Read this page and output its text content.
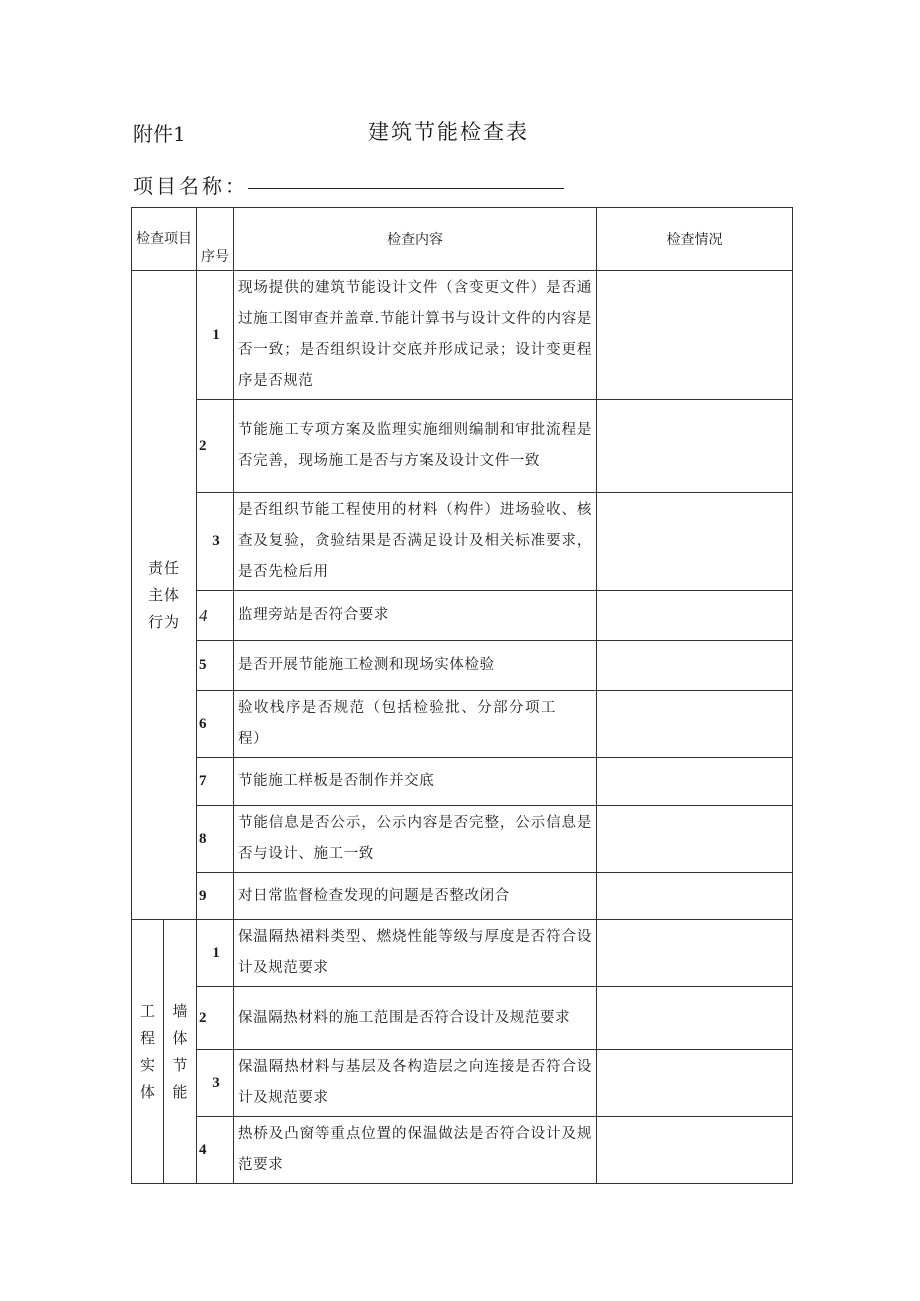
附件1	建筑节能检查表
项目名称：
检查项目		序号	检查内容	检查情况
责任主体行为		1	现场提供的建筑节能设计文件（含变更文件）是否通过施工图审查并盖章.节能计算书与设计文件的内容是否一致；是否组织设计交底并形成记录；设计变更程序是否规范	
		2	节能施工专项方案及监理实施细则编制和审批流程是否完善，现场施工是否与方案及设计文件一致	
		3	是否组织节能工程使用的材料（构件）进场验收、核查及复验，贪验结果是否满足设计及相关标准要求，是否先检后用	
		4	监理旁站是否符合要求	
		5	是否开展节能施工检测和现场实体检验	
		6	验收栈序是否规范（包括检验批、分部分项工程）	
		7	节能施工样板是否制作并交底	
		8	节能信息是否公示，公示内容是否完整，公示信息是否与设计、施工一致	
		9	对日常监督检查发现的问题是否整改闭合	
工程实体	墙体节能	1	保温隔热裙料类型、燃烧性能等级与厚度是否符合设计及规范要求	
		2	保温隔热材料的施工范围是否符合设计及规范要求	
		3	保温隔热材料与基层及各构造层之向连接是否符合设计及规范要求	
		4	热桥及凸窗等重点位置的保温做法是否符合设计及规范要求	
